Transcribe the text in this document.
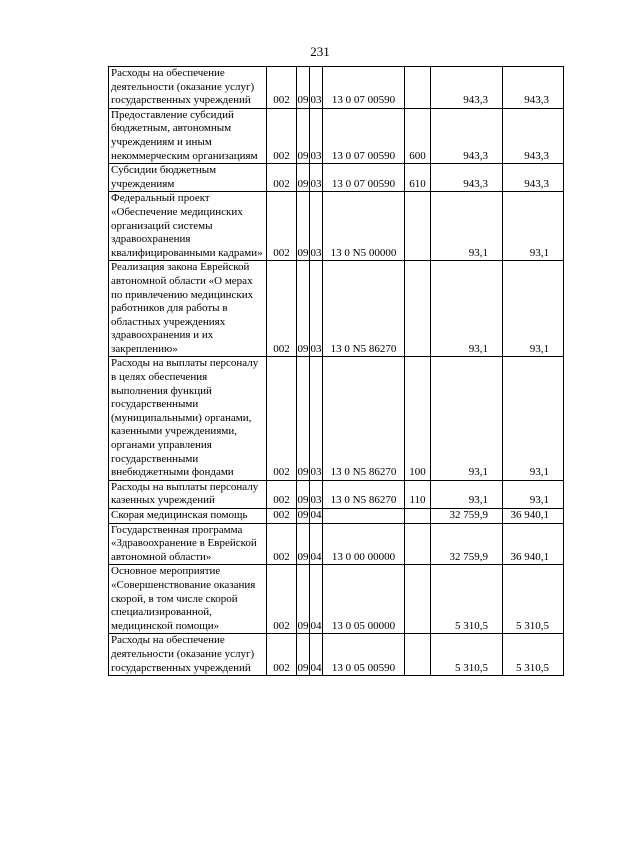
231
Расходы на обеспечение деятельности (оказание услуг) государственных учреждений	002	09	03	13 0 07 00590		943,3	943,3
Предоставление субсидий бюджетным, автономным учреждениям и иным некоммерческим организациям	002	09	03	13 0 07 00590	600	943,3	943,3
Субсидии бюджетным учреждениям	002	09	03	13 0 07 00590	610	943,3	943,3
Федеральный проект «Обеспечение медицинских организаций системы здравоохранения квалифицированными кадрами»	002	09	03	13 0 N5 00000		93,1	93,1
Реализация закона Еврейской автономной области «О мерах по привлечению медицинских работников для работы в областных учреждениях здравоохранения и их закреплению»	002	09	03	13 0 N5 86270		93,1	93,1
Расходы на выплаты персоналу в целях обеспечения выполнения функций государственными (муниципальными) органами, казенными учреждениями, органами управления государственными внебюджетными фондами	002	09	03	13 0 N5 86270	100	93,1	93,1
Расходы на выплаты персоналу казенных учреждений	002	09	03	13 0 N5 86270	110	93,1	93,1
Скорая медицинская помощь	002	09	04			32 759,9	36 940,1
Государственная программа «Здравоохранение в Еврейской автономной области»	002	09	04	13 0 00 00000		32 759,9	36 940,1
Основное мероприятие «Совершенствование оказания скорой, в том числе скорой специализированной, медицинской помощи»	002	09	04	13 0 05 00000		5 310,5	5 310,5
Расходы на обеспечение деятельности (оказание услуг) государственных учреждений	002	09	04	13 0 05 00590		5 310,5	5 310,5
